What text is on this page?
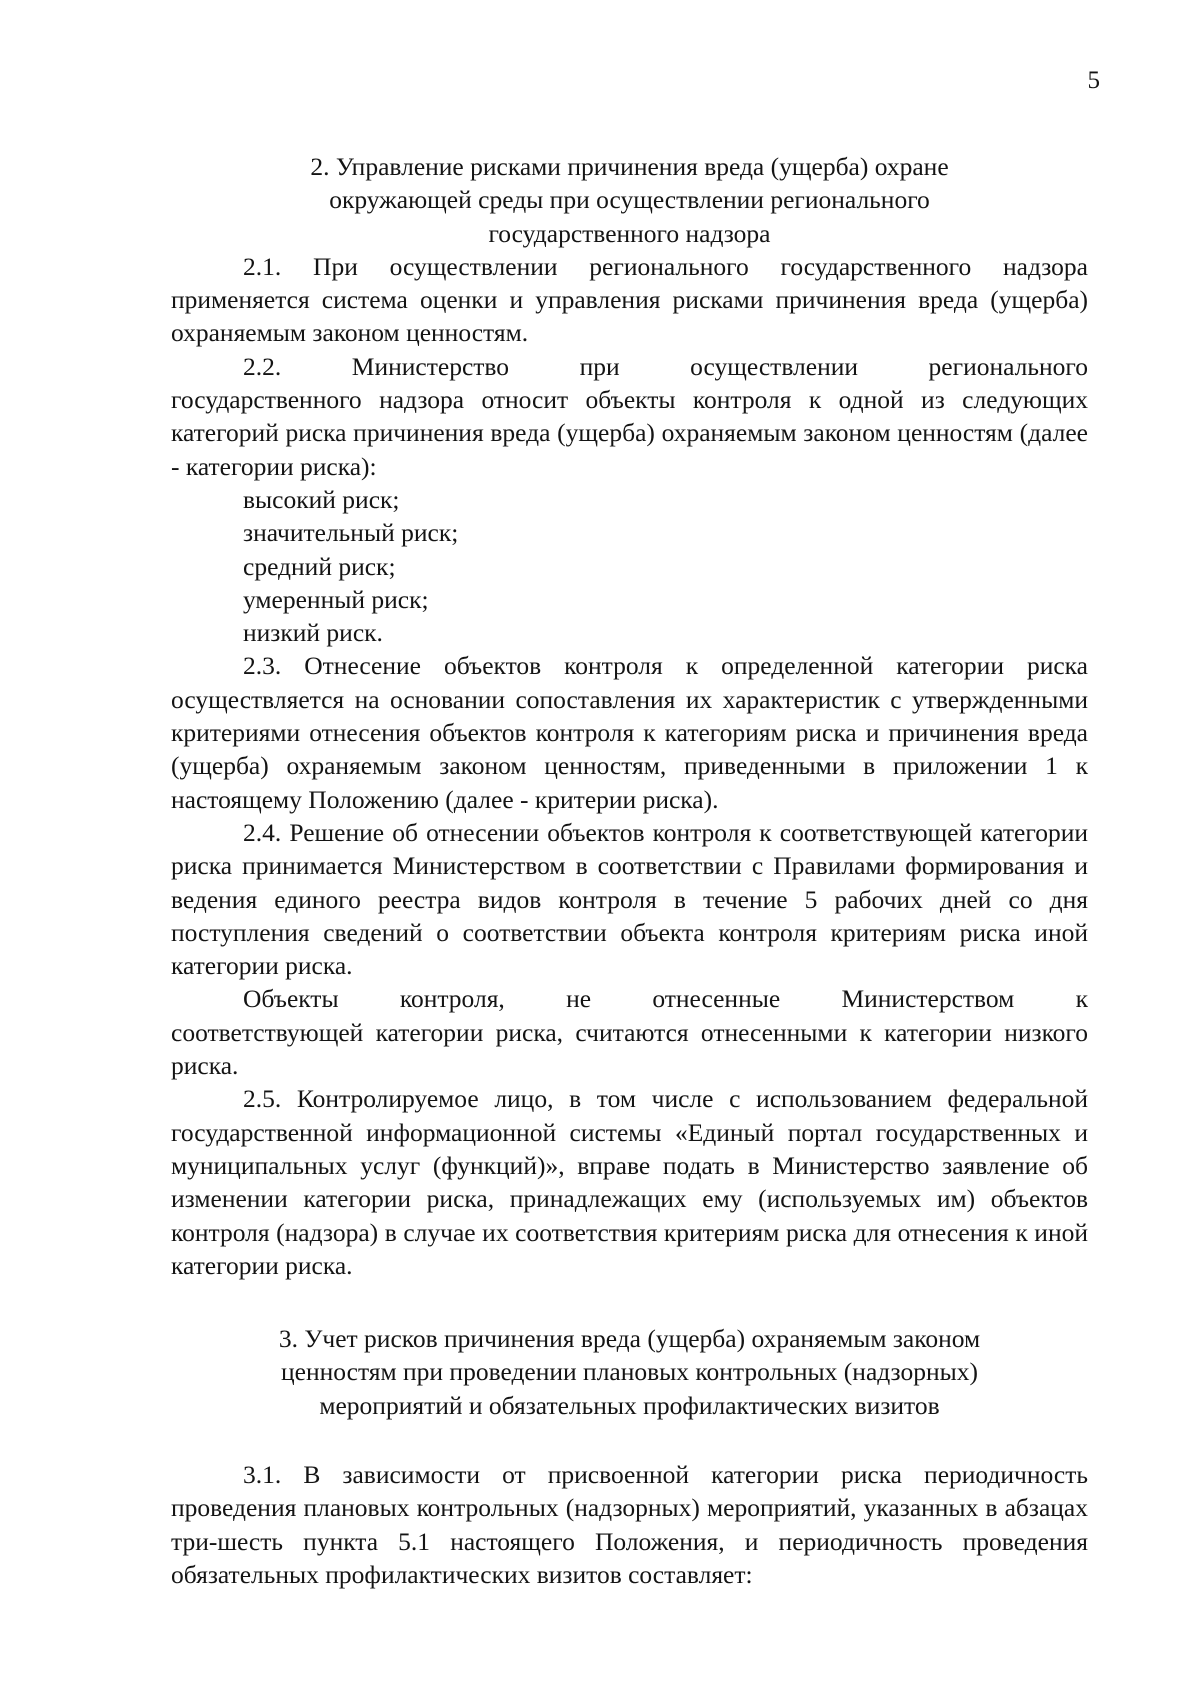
5
2. Управление рисками причинения вреда (ущерба) охране
окружающей среды при осуществлении регионального
государственного надзора

2.1. При осуществлении регионального государственного надзора применяется система оценки и управления рисками причинения вреда (ущерба) охраняемым законом ценностям.

2.2. Министерство при осуществлении регионального

государственного надзора относит объекты контроля к одной из следующих категорий риска причинения вреда (ущерба) охраняемым законом ценностям (далее - категории риска):

высокий риск;

значительный риск;

средний риск;

умеренный риск;

низкий риск.

2.3. Отнесение объектов контроля к определенной категории риска осуществляется на основании сопоставления их характеристик с утвержденными критериями отнесения объектов контроля к категориям риска и причинения вреда (ущерба) охраняемым законом ценностям, приведенными в приложении 1 к настоящему Положению (далее - критерии риска).

2.4. Решение об отнесении объектов контроля к соответствующей категории риска принимается Министерством в соответствии с Правилами формирования и ведения единого реестра видов контроля в течение 5 рабочих дней со дня поступления сведений о соответствии объекта контроля критериям риска иной категории риска.

Объекты контроля, не отнесенные Министерством к

соответствующей категории риска, считаются отнесенными к категории низкого риска.

2.5. Контролируемое лицо, в том числе с использованием федеральной государственной информационной системы «Единый портал государственных и муниципальных услуг (функций)», вправе подать в Министерство заявление об изменении категории риска, принадлежащих ему (используемых им) объектов контроля (надзора) в случае их соответствия критериям риска для отнесения к иной категории риска.

3. Учет рисков причинения вреда (ущерба) охраняемым законом
ценностям при проведении плановых контрольных (надзорных)
мероприятий и обязательных профилактических визитов

3.1. В зависимости от присвоенной категории риска периодичность проведения плановых контрольных (надзорных) мероприятий, указанных в абзацах три-шесть пункта 5.1 настоящего Положения, и периодичность проведения обязательных профилактических визитов составляет:
